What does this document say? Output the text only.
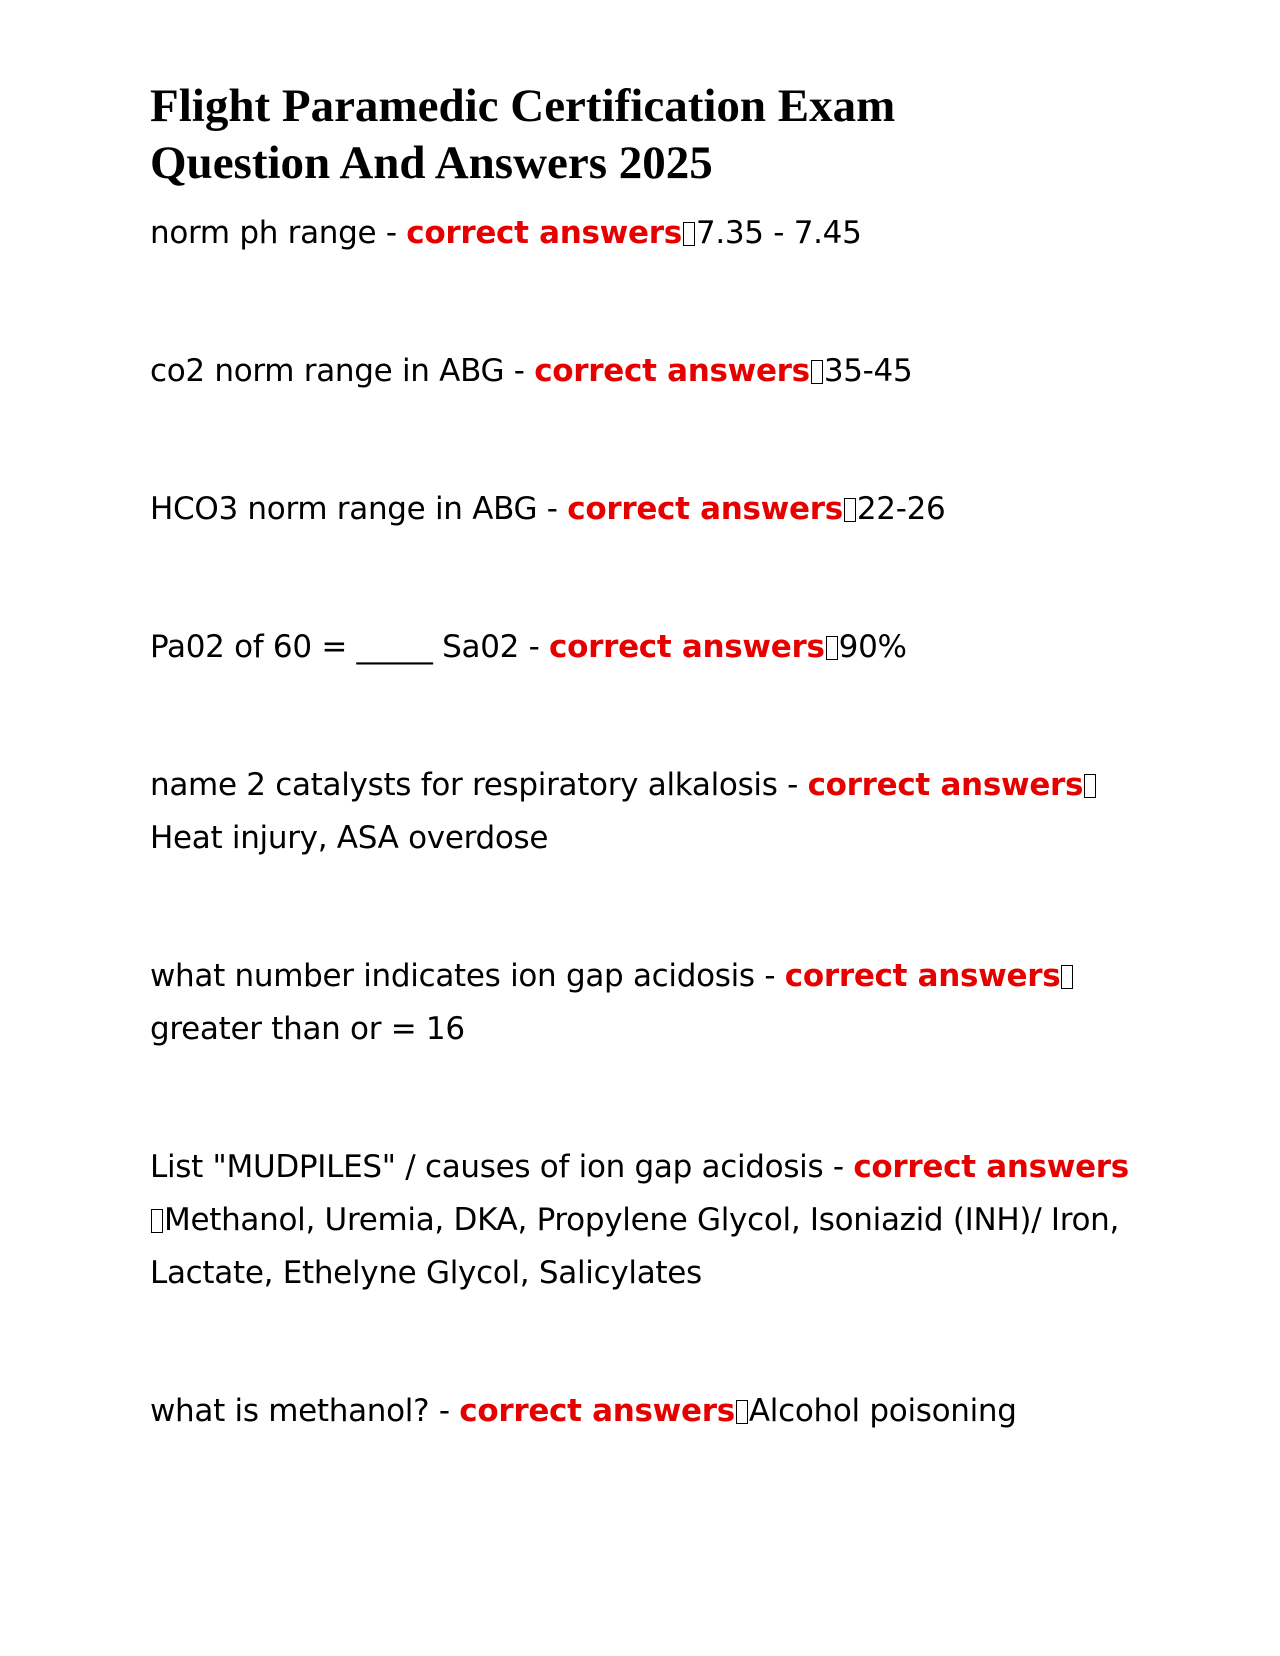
Flight Paramedic Certification Exam
Question And Answers 2025

norm ph range - correct answers 7.35 - 7.45

co2 norm range in ABG - correct answers 35-45

HCO3 norm range in ABG - correct answers 22-26

Pa02 of 60 = _____ Sa02 - correct answers 90%

name 2 catalysts for respiratory alkalosis - correct answersHeat injury, ASA overdose

what number indicates ion gap acidosis - correct answersgreater than or = 16

List "MUDPILES" / causes of ion gap acidosis - correct answersMethanol, Uremia, DKA, Propylene Glycol, Isoniazid (INH)/ Iron, Lactate, Ethelyne Glycol, Salicylates

what is methanol? - correct answers Alcohol poisoning
